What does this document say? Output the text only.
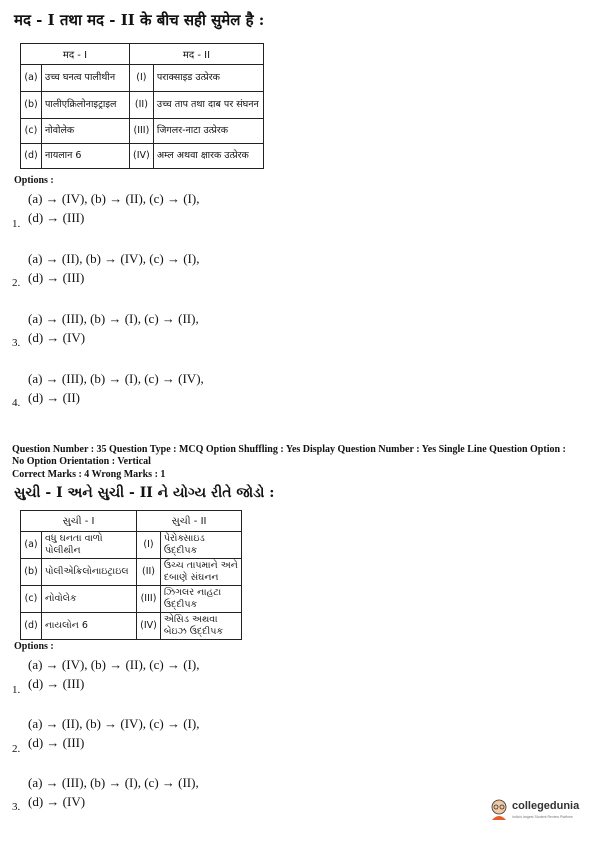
मद - I तथा मद - II के बीच सही सुमेल है :
मद - I		मद - II	
(a)	उच्च घनत्व पालीथीन	(I)	पराक्साइड उत्प्रेरक
(b)	पालीएक्रिलोनाइट्राइल	(II)	उच्च ताप तथा दाब पर संघनन
(c)	नोवोलेक	(III)	जिगलर-नाटा उत्प्रेरक
(d)	नायलान 6	(IV)	अम्ल अथवा क्षारक उत्प्रेरक
Options :
(a) → (IV), (b) → (II), (c) → (I),
(d) → (III)
1.
(a) → (II), (b) → (IV), (c) → (I),
(d) → (III)
2.
(a) → (III), (b) → (I), (c) → (II),
(d) → (IV)
3.
(a) → (III), (b) → (I), (c) → (IV),
(d) → (II)
4.
Question Number : 35 Question Type : MCQ Option Shuffling : Yes Display Question Number : Yes Single Line Question Option :
No Option Orientation : Vertical
Correct Marks : 4 Wrong Marks : 1
સુચી - I અને સુચી - II ને યોગ્ય રીતે જોડો :
સુચી - I		સુચી - II	
(a)	વધુ ઘનતા વાળો પોલીથીન	(I)	પેરોક્સાઇડ ઉદ્દીપક
(b)	પોલીએક્રિલોનાઇટ્રાઇલ	(II)	ઉચ્ચ તાપમાને અને દબાણે સંઘનન
(c)	નોવોલેક	(III)	ઝિગલર નાહટા ઉદ્દીપક
(d)	નાયલોન 6	(IV)	એસિડ અથવા બેઇઝ ઉદ્દીપક
Options :
(a) → (IV), (b) → (II), (c) → (I),
(d) → (III)
1.
(a) → (II), (b) → (IV), (c) → (I),
(d) → (III)
2.
(a) → (III), (b) → (I), (c) → (II),
(d) → (IV)
3.	collegedunia
India's largest Student Review Platform
